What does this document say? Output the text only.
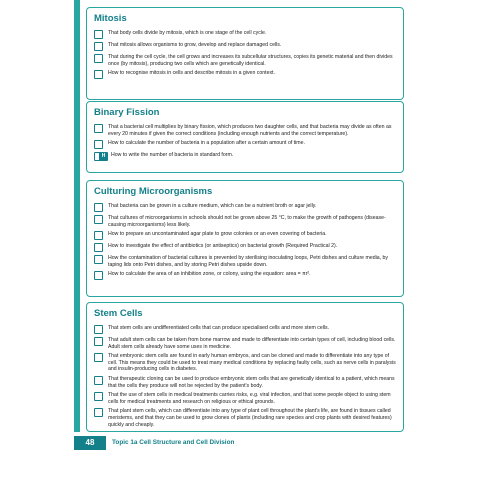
Mitosis
That body cells divide by mitosis, which is one stage of the cell cycle.
That mitosis allows organisms to grow, develop and replace damaged cells.
That during the cell cycle, the cell grows and increases its subcellular structures, copies its genetic material and then divides once (by mitosis), producing two cells which are genetically identical.
How to recognise mitosis in cells and describe mitosis in a given context.
Binary Fission
That a bacterial cell multiplies by binary fission, which produces two daughter cells, and that bacteria may divide as often as every 20 minutes if given the correct conditions (including enough nutrients and the correct temperature).
How to calculate the number of bacteria in a population after a certain amount of time.
H	How to write the number of bacteria in standard form.
Culturing Microorganisms
That bacteria can be grown in a culture medium, which can be a nutrient broth or agar jelly.
That cultures of microorganisms in schools should not be grown above 25 °C, to make the growth of pathogens (disease-causing microorganisms) less likely.
How to prepare an uncontaminated agar plate to grow colonies or an even covering of bacteria.
How to investigate the effect of antibiotics (or antiseptics) on bacterial growth (Required Practical 2).
How the contamination of bacterial cultures is prevented by sterilising inoculating loops, Petri dishes and culture media, by taping lids onto Petri dishes, and by storing Petri dishes upside down.
How to calculate the area of an inhibition zone, or colony, using the equation: area = πr².
Stem Cells
That stem cells are undifferentiated cells that can produce specialised cells and more stem cells.
That adult stem cells can be taken from bone marrow and made to differentiate into certain types of cell, including blood cells. Adult stem cells already have some uses in medicine.
That embryonic stem cells are found in early human embryos, and can be cloned and made to differentiate into any type of cell. This means they could be used to treat many medical conditions by replacing faulty cells, such as nerve cells in paralysis and insulin-producing cells in diabetes.
That therapeutic cloning can be used to produce embryonic stem cells that are genetically identical to a patient, which means that the cells they produce will not be rejected by the patient's body.
That the use of stem cells in medical treatments carries risks, e.g. viral infection, and that some people object to using stem cells for medical treatments and research on religious or ethical grounds.
That plant stem cells, which can differentiate into any type of plant cell throughout the plant's life, are found in tissues called meristems, and that they can be used to grow clones of plants (including rare species and crop plants with desired features) quickly and cheaply.
48	Topic 1a Cell Structure and Cell Division
